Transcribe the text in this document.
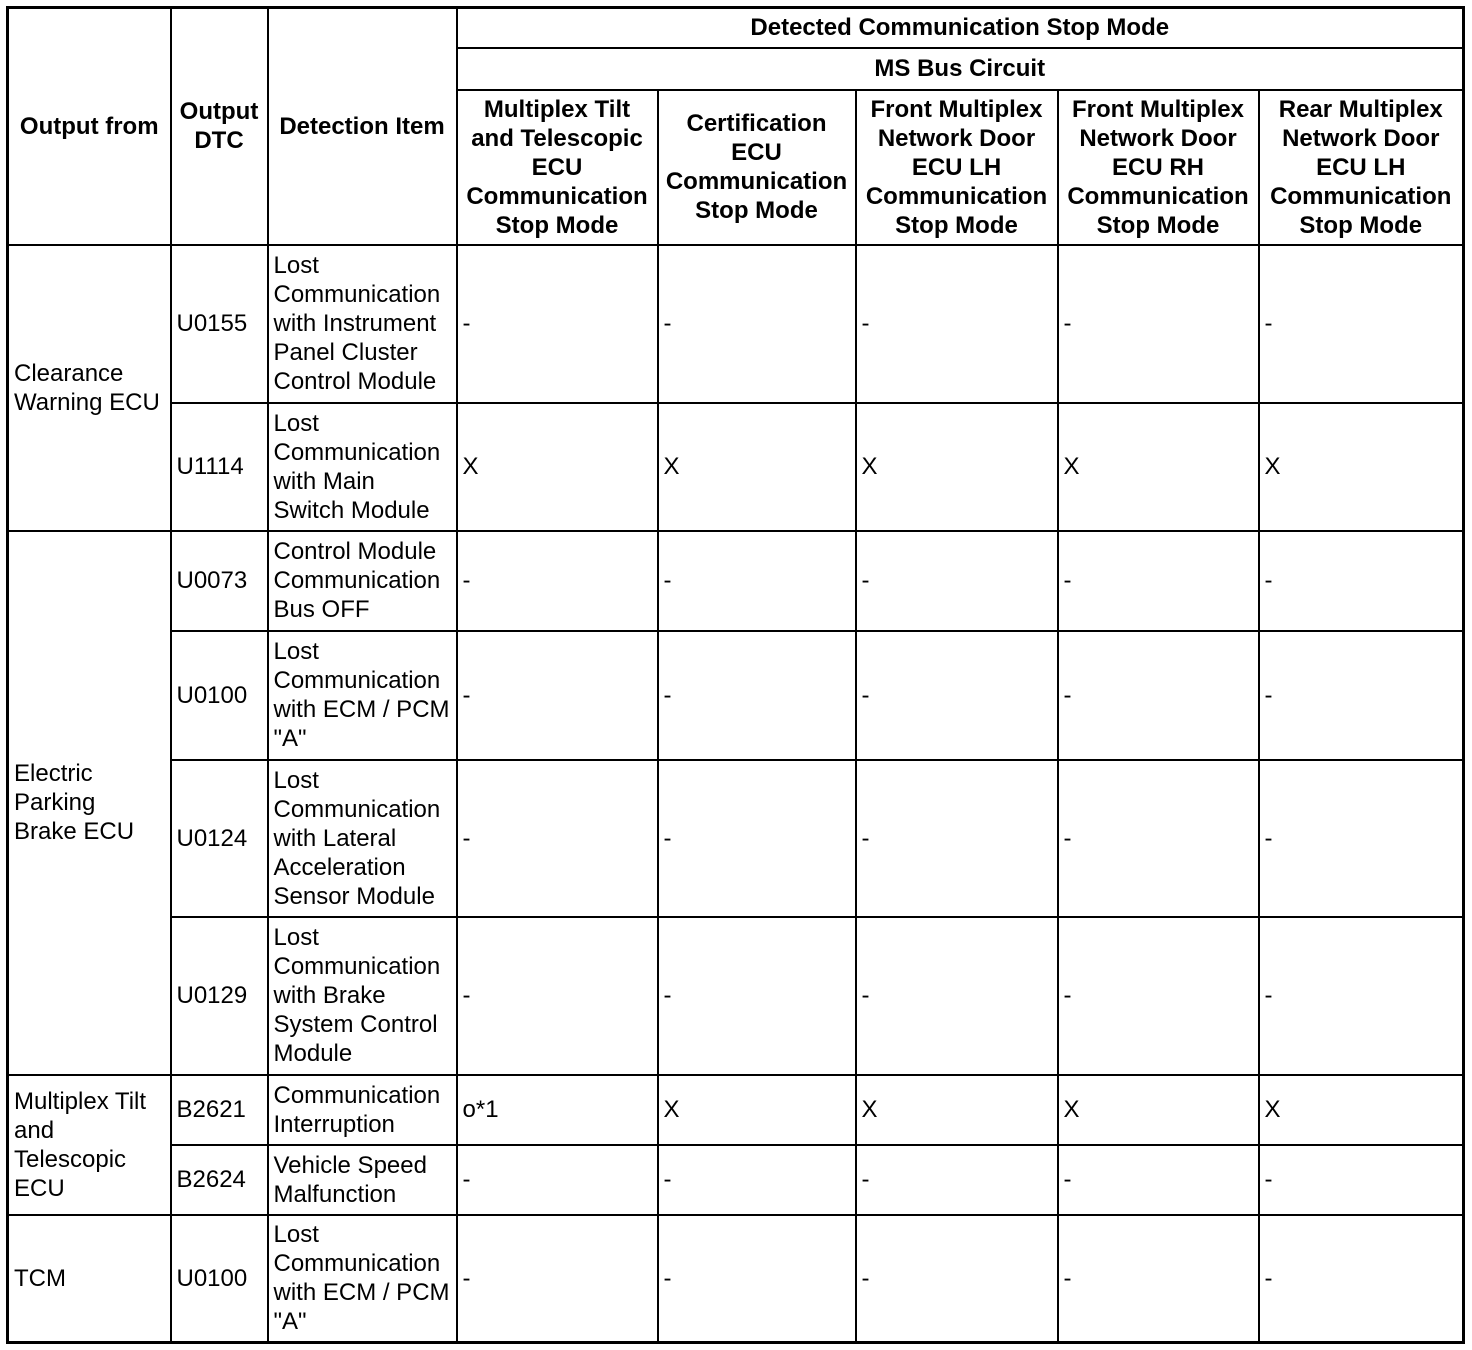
Output from	Output DTC	Detection Item	Detected Communication Stop Mode				
			MS Bus Circuit				
			Multiplex Tilt and Telescopic ECU Communication Stop Mode	Certification ECU Communication Stop Mode	Front Multiplex Network Door ECU LH Communication Stop Mode	Front Multiplex Network Door ECU RH Communication Stop Mode	Rear Multiplex Network Door ECU LH Communication Stop Mode
Clearance Warning ECU	U0155	Lost Communication with Instrument Panel Cluster Control Module	-	-	-	-	-
	U1114	Lost Communication with Main Switch Module	X	X	X	X	X
Electric Parking Brake ECU	U0073	Control Module Communication Bus OFF	-	-	-	-	-
	U0100	Lost Communication with ECM / PCM "A"	-	-	-	-	-
	U0124	Lost Communication with Lateral Acceleration Sensor Module	-	-	-	-	-
	U0129	Lost Communication with Brake System Control Module	-	-	-	-	-
Multiplex Tilt and Telescopic ECU	B2621	Communication Interruption	o*1	X	X	X	X
	B2624	Vehicle Speed Malfunction	-	-	-	-	-
TCM	U0100	Lost Communication with ECM / PCM "A"	-	-	-	-	-
